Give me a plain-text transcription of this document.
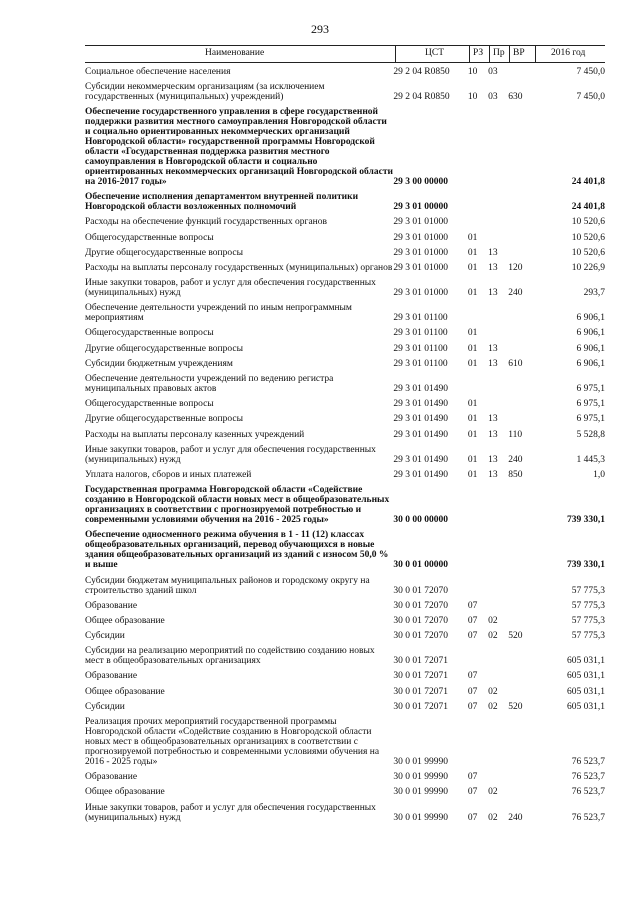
293
Наименование	ЦСТ	РЗ Пр ВР	2016 год
Социальное обеспечение населения	29 2 04 R0850	10	03		7 450,0
Субсидии некоммерческим организациям (за исключением государственных (муниципальных) учреждений)	29 2 04 R0850	10	03	630	7 450,0
Обеспечение государственного управления в сфере государственной поддержки развития местного самоуправления Новгородской области и социально ориентированных некоммерческих организаций Новгородской области» государственной программы Новгородской области «Государственная поддержка развития местного самоуправления в Новгородской области и социально ориентированных некоммерческих организаций Новгородской области на 2016-2017 годы»	29 3 00 00000				24 401,8
Обеспечение исполнения департаментом внутренней политики Новгородской области возложенных полномочий	29 3 01 00000				24 401,8
Расходы на обеспечение функций государственных органов	29 3 01 01000				10 520,6
Общегосударственные вопросы	29 3 01 01000	01			10 520,6
Другие общегосударственные вопросы	29 3 01 01000	01	13		10 520,6
Расходы на выплаты персоналу государственных (муниципальных) органов	29 3 01 01000	01	13	120	10 226,9
Иные закупки товаров, работ и услуг для обеспечения государственных (муниципальных) нужд	29 3 01 01000	01	13	240	293,7
Обеспечение деятельности учреждений по иным непрограммным мероприятиям	29 3 01 01100				6 906,1
Общегосударственные вопросы	29 3 01 01100	01			6 906,1
Другие общегосударственные вопросы	29 3 01 01100	01	13		6 906,1
Субсидии бюджетным учреждениям	29 3 01 01100	01	13	610	6 906,1
Обеспечение деятельности учреждений по ведению регистра муниципальных правовых актов	29 3 01 01490				6 975,1
Общегосударственные вопросы	29 3 01 01490	01			6 975,1
Другие общегосударственные вопросы	29 3 01 01490	01	13		6 975,1
Расходы на выплаты персоналу казенных учреждений	29 3 01 01490	01	13	110	5 528,8
Иные закупки товаров, работ и услуг для обеспечения государственных (муниципальных) нужд	29 3 01 01490	01	13	240	1 445,3
Уплата налогов, сборов и иных платежей	29 3 01 01490	01	13	850	1,0
Государственная программа Новгородской области «Содействие созданию в Новгородской области новых мест в общеобразовательных организациях в соответствии с прогнозируемой потребностью и современными условиями обучения на 2016 - 2025 годы»	30 0 00 00000				739 330,1
Обеспечение односменного режима обучения в 1 - 11 (12) классах общеобразовательных организаций, перевод обучающихся в новые здания общеобразовательных организаций из зданий с износом 50,0 % и выше	30 0 01 00000				739 330,1
Субсидии бюджетам муниципальных районов и городскому округу на строительство зданий школ	30 0 01 72070				57 775,3
Образование	30 0 01 72070	07			57 775,3
Общее образование	30 0 01 72070	07	02		57 775,3
Субсидии	30 0 01 72070	07	02	520	57 775,3
Субсидии на реализацию мероприятий по содействию созданию новых мест в общеобразовательных организациях	30 0 01 72071				605 031,1
Образование	30 0 01 72071	07			605 031,1
Общее образование	30 0 01 72071	07	02		605 031,1
Субсидии	30 0 01 72071	07	02	520	605 031,1
Реализация прочих мероприятий государственной программы Новгородской области «Содействие созданию в Новгородской области новых мест в общеобразовательных организациях в соответствии с прогнозируемой потребностью и современными условиями обучения на 2016 - 2025 годы»	30 0 01 99990				76 523,7
Образование	30 0 01 99990	07			76 523,7
Общее образование	30 0 01 99990	07	02		76 523,7
Иные закупки товаров, работ и услуг для обеспечения государственных (муниципальных) нужд	30 0 01 99990	07	02	240	76 523,7
